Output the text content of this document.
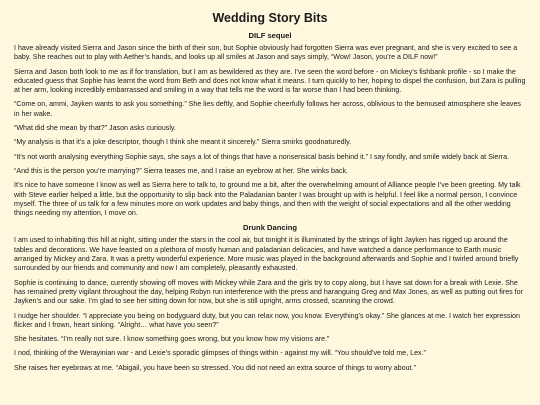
Wedding Story Bits
DILF sequel

I have already visited Sierra and Jason since the birth of their son, but Sophie obviously had forgotten Sierra was ever pregnant, and she is very excited to see a baby. She reaches out to play with Aether’s hands, and looks up all smiles at Jason and says simply, “Wow! Jason, you’re a DILF now!”

Sierra and Jason both look to me as if for translation, but I am as bewildered as they are. I’ve seen the word before - on Mickey’s fishbank profile - so I make the educated guess that Sophie has learnt the word from Beth and does not know what it means. I turn quickly to her, hoping to dispel the confusion, but Zara is pulling at her arm, looking incredibly embarrassed and smiling in a way that tells me the word is far worse than I had been thinking.

“Come on, ammi, Jayken wants to ask you something.” She lies deftly, and Sophie cheerfully follows her across, oblivious to the bemused atmosphere she leaves in her wake.

“What did she mean by that?” Jason asks curiously.

“My analysis is that it’s a joke descriptor, though I think she meant it sincerely.” Sierra smirks goodnaturedly.

“It’s not worth analysing everything Sophie says, she says a lot of things that have a nonsensical basis behind it.” I say fondly, and smile widely back at Sierra.

“And this is the person you’re marrying?” Sierra teases me, and I raise an eyebrow at her. She winks back.

It’s nice to have someone I know as well as Sierra here to talk to, to ground me a bit, after the overwhelming amount of Alliance people I’ve been greeting. My talk with Steve earlier helped a little, but the opportunity to slip back into the Paladanian banter I was brought up with is helpful. I feel like a normal person, I convince myself. The three of us talk for a few minutes more on work updates and baby things, and then with the weight of social expectations and all the other wedding things needing my attention, I move on.

Drunk Dancing

I am used to inhabiting this hill at night, sitting under the stars in the cool air, but tonight it is illuminated by the strings of light Jayken has rigged up around the tables and decorations. We have feasted on a plethora of mostly human and paladanian delicacies, and have watched a dance performance to Earth music arranged by Mickey and Zara. It was a pretty wonderful experience. More music was played in the background afterwards and Sophie and I twirled around briefly surrounded by our friends and community and now I am completely, pleasantly exhausted.

Sophie is continuing to dance, currently showing off moves with Mickey while Zara and the girls try to copy along, but I have sat down for a break with Lexie. She has remained pretty vigilant throughout the day, helping Robyn run interference with the press and haranguing Greg and Max Jones, as well as putting out fires for Jayken’s and our sake. I’m glad to see her sitting down for now, but she is still upright, arms crossed, scanning the crowd.

I nudge her shoulder. “I appreciate you being on bodyguard duty, but you can relax now, you know. Everything’s okay.” She glances at me. I watch her expression flicker and I frown, heart sinking. “Alright… what have you seen?”

She hesitates. “I’m really not sure. I know something goes wrong, but you know how my visions are.”

I nod, thinking of the Werayinian war - and Lexie’s sporadic glimpses of things within - against my will. “You should’ve told me, Lex.”

She raises her eyebrows at me. “Abigail, you have been so stressed. You did not need an extra source of things to worry about.”
